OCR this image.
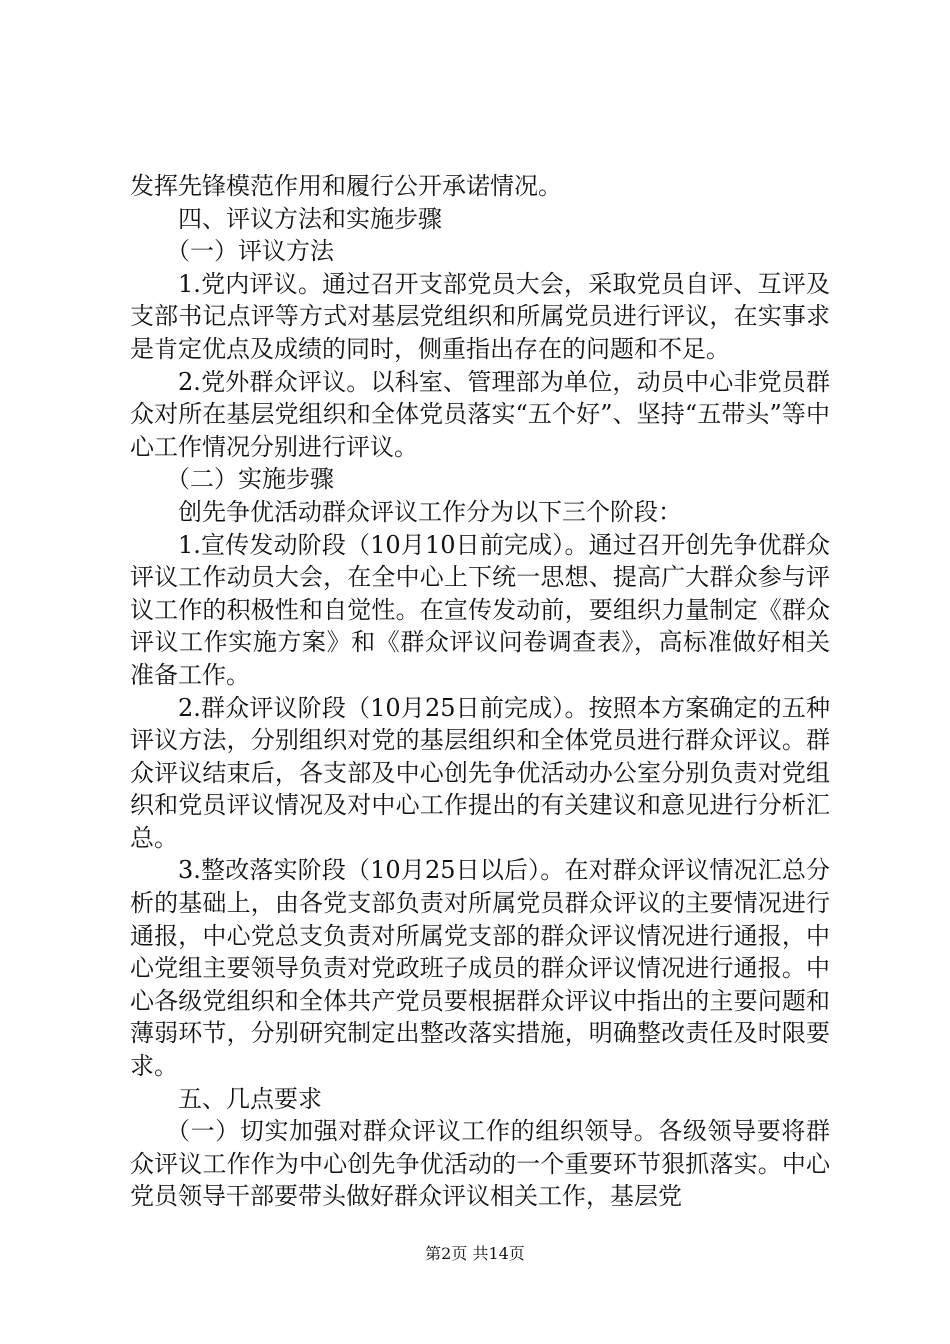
发挥先锋模范作用和履行公开承诺情况。

四、评议方法和实施步骤

（一）评议方法

1.党内评议。通过召开支部党员大会，采取党员自评、互评及支部书记点评等方式对基层党组织和所属党员进行评议，在实事求是肯定优点及成绩的同时，侧重指出存在的问题和不足。

2.党外群众评议。以科室、管理部为单位，动员中心非党员群众对所在基层党组织和全体党员落实“五个好”、坚持“五带头”等中心工作情况分别进行评议。

（二）实施步骤

创先争优活动群众评议工作分为以下三个阶段：

1.宣传发动阶段（10月10日前完成）。通过召开创先争优群众评议工作动员大会，在全中心上下统一思想、提高广大群众参与评议工作的积极性和自觉性。在宣传发动前，要组织力量制定《群众评议工作实施方案》和《群众评议问卷调查表》，高标准做好相关准备工作。

2.群众评议阶段（10月25日前完成）。按照本方案确定的五种评议方法，分别组织对党的基层组织和全体党员进行群众评议。群众评议结束后，各支部及中心创先争优活动办公室分别负责对党组织和党员评议情况及对中心工作提出的有关建议和意见进行分析汇总。

3.整改落实阶段（10月25日以后）。在对群众评议情况汇总分析的基础上，由各党支部负责对所属党员群众评议的主要情况进行通报，中心党总支负责对所属党支部的群众评议情况进行通报，中心党组主要领导负责对党政班子成员的群众评议情况进行通报。中心各级党组织和全体共产党员要根据群众评议中指出的主要问题和薄弱环节，分别研究制定出整改落实措施，明确整改责任及时限要求。

五、几点要求

（一）切实加强对群众评议工作的组织领导。各级领导要将群众评议工作作为中心创先争优活动的一个重要环节狠抓落实。中心党员领导干部要带头做好群众评议相关工作，基层党

第2页 共14页
